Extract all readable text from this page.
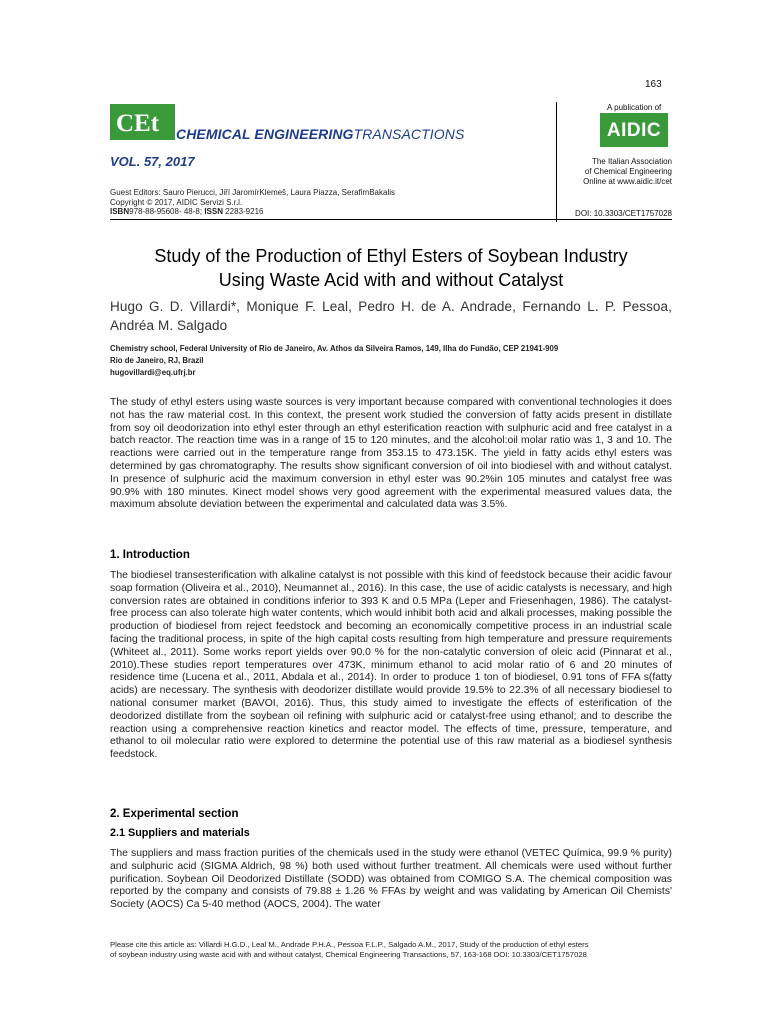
163
CEt CHEMICAL ENGINEERINGTRANSACTIONS
VOL. 57, 2017
A publication of
AIDIC
The Italian Association
of Chemical Engineering
Online at www.aidic.it/cet
Guest Editors: Sauro Pierucci, Jiří JaromírKlemeš, Laura Piazza, SerafimBakalis
Copyright © 2017, AIDIC Servizi S.r.l.
ISBN978-88-95608- 48-8; ISSN 2283-9216	DOI: 10.3303/CET1757028
Study of the Production of Ethyl Esters of Soybean Industry
Using Waste Acid with and without Catalyst
Hugo G. D. Villardi*, Monique F. Leal, Pedro H. de A. Andrade, Fernando L. P. Pessoa, Andréa M. Salgado
Chemistry school, Federal University of Rio de Janeiro, Av. Athos da Silveira Ramos, 149, Ilha do Fundão, CEP 21941-909
Rio de Janeiro, RJ, Brazil
hugovillardi@eq.ufrj.br
The study of ethyl esters using waste sources is very important because compared with conventional technologies it does not has the raw material cost. In this context, the present work studied the conversion of fatty acids present in distillate from soy oil deodorization into ethyl ester through an ethyl esterification reaction with sulphuric acid and free catalyst in a batch reactor. The reaction time was in a range of 15 to 120 minutes, and the alcohol:oil molar ratio was 1, 3 and 10. The reactions were carried out in the temperature range from 353.15 to 473.15K. The yield in fatty acids ethyl esters was determined by gas chromatography. The results show significant conversion of oil into biodiesel with and without catalyst. In presence of sulphuric acid the maximum conversion in ethyl ester was 90.2%in 105 minutes and catalyst free was 90.9% with 180 minutes. Kinect model shows very good agreement with the experimental measured values data, the maximum absolute deviation between the experimental and calculated data was 3.5%.
1. Introduction
The biodiesel transesterification with alkaline catalyst is not possible with this kind of feedstock because their acidic favour soap formation (Oliveira et al., 2010), Neumannet al., 2016). In this case, the use of acidic catalysts is necessary, and high conversion rates are obtained in conditions inferior to 393 K and 0.5 MPa (Leper and Friesenhagen, 1986). The catalyst-free process can also tolerate high water contents, which would inhibit both acid and alkali processes, making possible the production of biodiesel from reject feedstock and becoming an economically competitive process in an industrial scale facing the traditional process, in spite of the high capital costs resulting from high temperature and pressure requirements (Whiteet al., 2011). Some works report yields over 90.0 % for the non-catalytic conversion of oleic acid (Pinnarat et al., 2010).These studies report temperatures over 473K, minimum ethanol to acid molar ratio of 6 and 20 minutes of residence time (Lucena et al., 2011, Abdala et al., 2014). In order to produce 1 ton of biodiesel, 0.91 tons of FFA s(fatty acids) are necessary. The synthesis with deodorizer distillate would provide 19.5% to 22.3% of all necessary biodiesel to national consumer market (BAVOI, 2016). Thus, this study aimed to investigate the effects of esterification of the deodorized distillate from the soybean oil refining with sulphuric acid or catalyst-free using ethanol; and to describe the reaction using a comprehensive reaction kinetics and reactor model. The effects of time, pressure, temperature, and ethanol to oil molecular ratio were explored to determine the potential use of this raw material as a biodiesel synthesis feedstock.
2. Experimental section
2.1 Suppliers and materials
The suppliers and mass fraction purities of the chemicals used in the study were ethanol (VETEC Química, 99.9 % purity) and sulphuric acid (SIGMA Aldrich, 98 %) both used without further treatment. All chemicals were used without further purification. Soybean Oil Deodorized Distillate (SODD) was obtained from COMIGO S.A. The chemical composition was reported by the company and consists of 79.88 ± 1.26 % FFAs by weight and was validating by American Oil Chemists' Society (AOCS) Ca 5-40 method (AOCS, 2004). The water
Please cite this article as: Villardi H.G.D., Leal M., Andrade P.H.A., Pessoa F.L.P., Salgado A.M., 2017, Study of the production of ethyl esters
of soybean industry using waste acid with and without catalyst, Chemical Engineering Transactions, 57, 163-168 DOI: 10.3303/CET1757028
